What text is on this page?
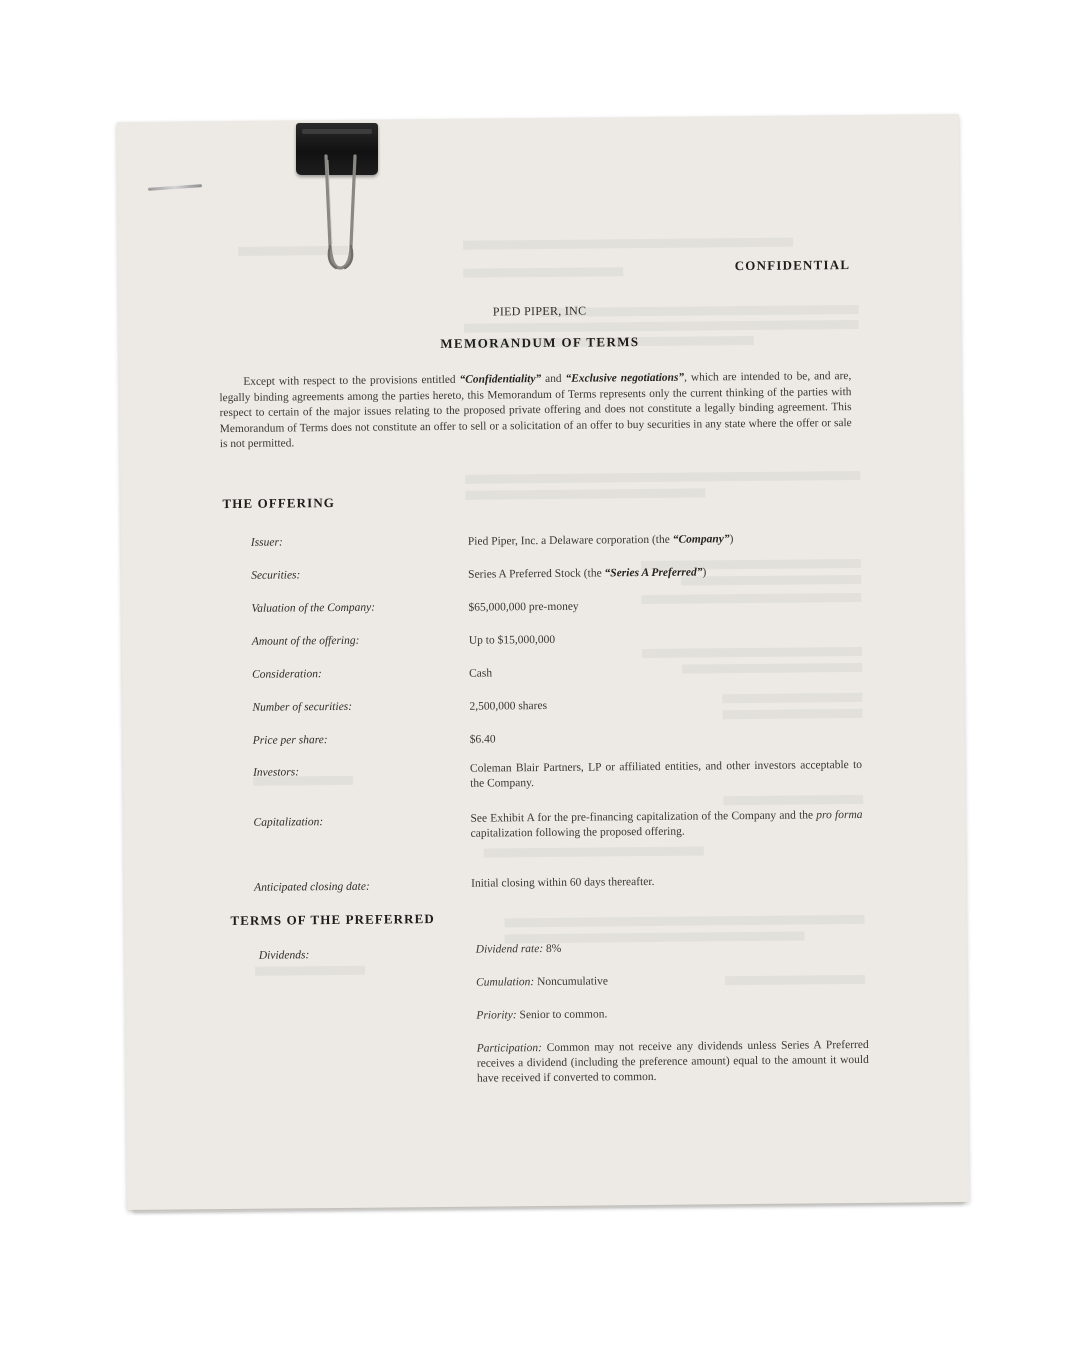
CONFIDENTIAL
PIED PIPER, INC
MEMORANDUM OF TERMS
Except with respect to the provisions entitled “Confidentiality” and “Exclusive negotiations”, which are intended to be, and are, legally binding agreements among the parties hereto, this Memorandum of Terms represents only the current thinking of the parties with respect to certain of the major issues relating to the proposed private offering and does not constitute a legally binding agreement. This Memorandum of Terms does not constitute an offer to sell or a solicitation of an offer to buy securities in any state where the offer or sale is not permitted.
THE OFFERING
Issuer:	Pied Piper, Inc. a Delaware corporation (the “Company”)
Securities:	Series A Preferred Stock (the “Series A Preferred”)
Valuation of the Company:	$65,000,000 pre-money
Amount of the offering:	Up to $15,000,000
Consideration:	Cash
Number of securities:	2,500,000 shares
Price per share:	$6.40
Investors:	Coleman Blair Partners, LP or affiliated entities, and other investors acceptable to the Company.
Capitalization:	See Exhibit A for the pre-financing capitalization of the Company and the pro forma capitalization following the proposed offering.
Anticipated closing date:	Initial closing within 60 days thereafter.
TERMS OF THE PREFERRED
Dividends:	Dividend rate: 8%
Cumulation: Noncumulative
Priority: Senior to common.
Participation: Common may not receive any dividends unless Series A Preferred receives a dividend (including the preference amount) equal to the amount it would have received if converted to common.
